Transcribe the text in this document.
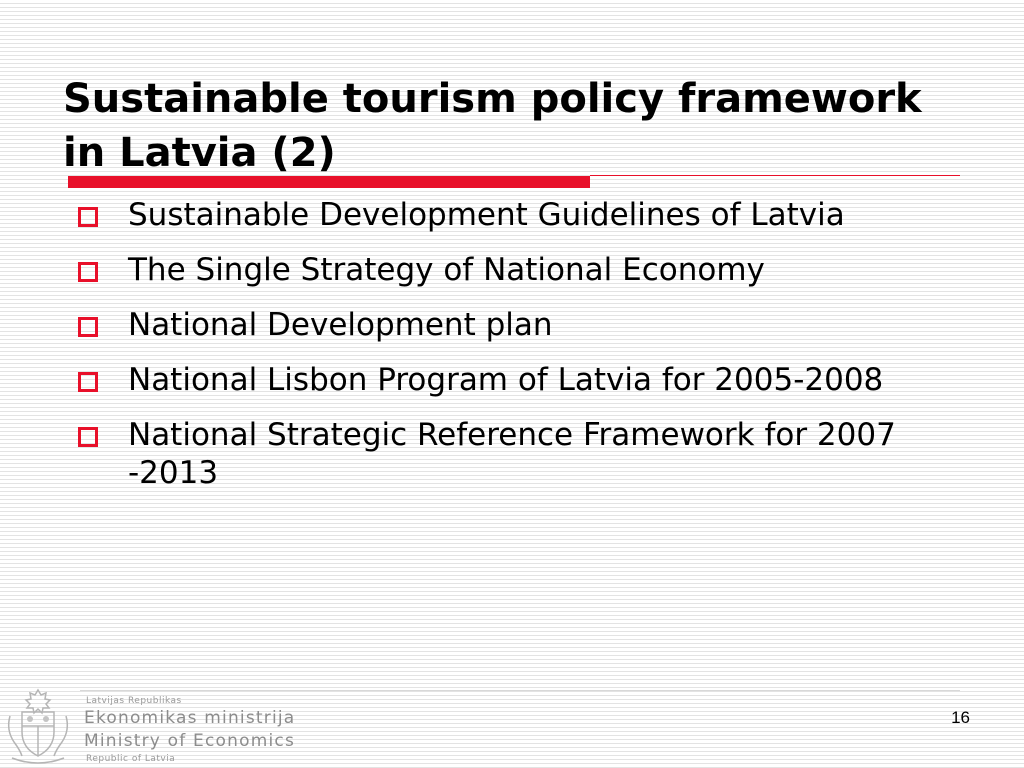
Sustainable tourism policy framework in Latvia (2)
Sustainable Development Guidelines of Latvia
The Single Strategy of National Economy
National Development plan
National Lisbon Program of Latvia for 2005-2008
National Strategic Reference Framework for 2007 -2013
Latvijas Republikas
Ekonomikas ministrija
Ministry of Economics
Republic of Latvia
16
